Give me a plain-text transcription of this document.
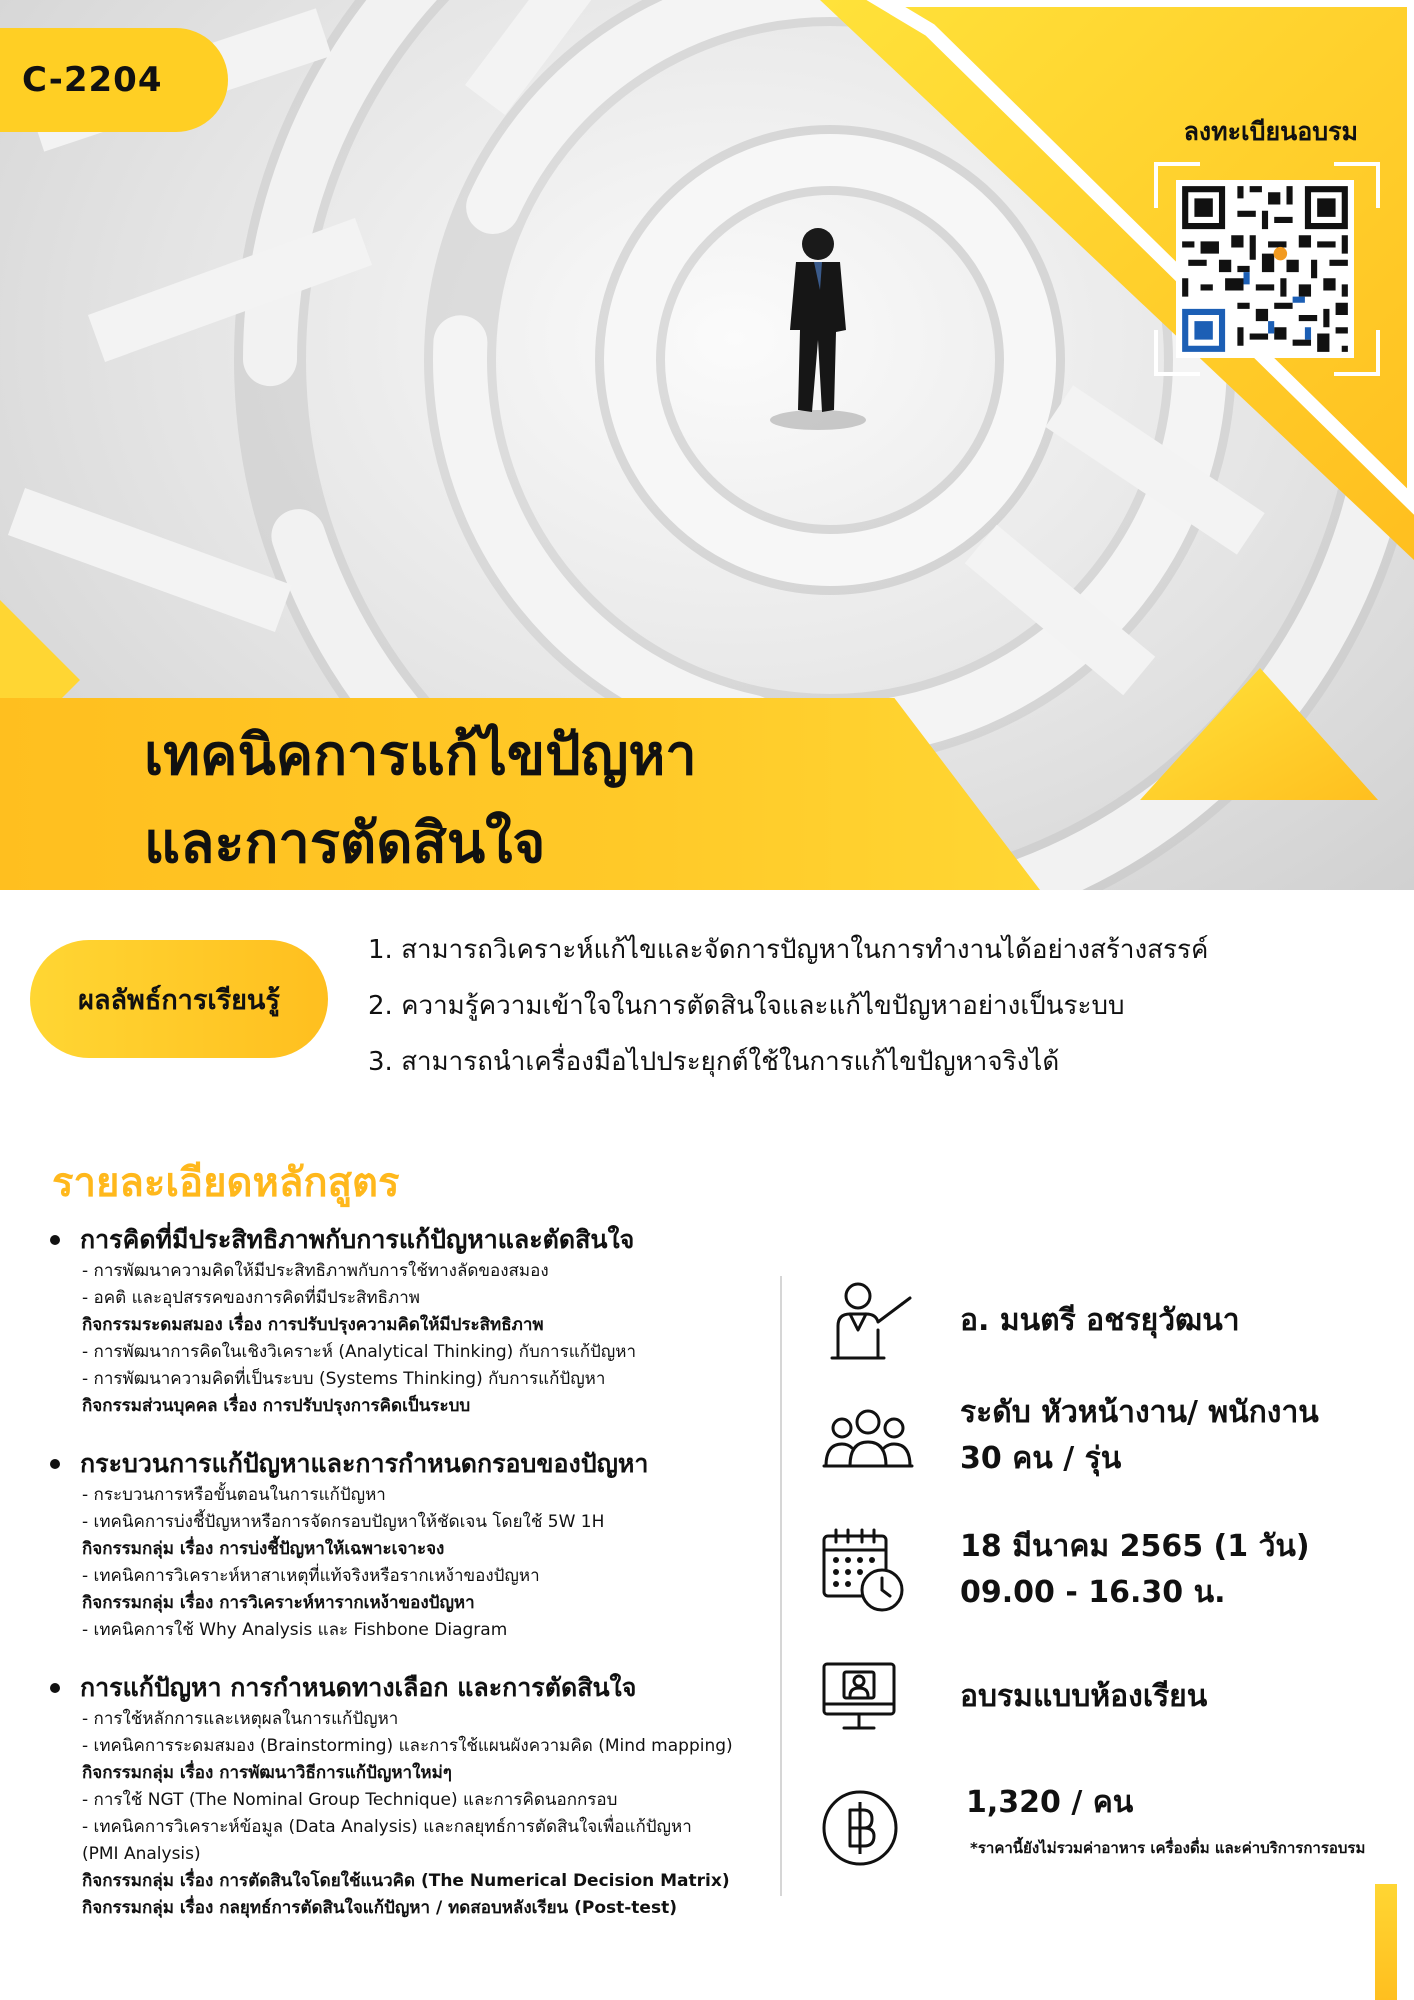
C-2204
ลงทะเบียนอบรม
เทคนิคการแก้ไขปัญหา
และการตัดสินใจ
ผลลัพธ์การเรียนรู้
1. สามารถวิเคราะห์แก้ไขและจัดการปัญหาในการทำงานได้อย่างสร้างสรรค์
2. ความรู้ความเข้าใจในการตัดสินใจและแก้ไขปัญหาอย่างเป็นระบบ
3. สามารถนำเครื่องมือไปประยุกต์ใช้ในการแก้ไขปัญหาจริงได้
รายละเอียดหลักสูตร
การคิดที่มีประสิทธิภาพกับการแก้ปัญหาและตัดสินใจ
- การพัฒนาความคิดให้มีประสิทธิภาพกับการใช้ทางลัดของสมอง
- อคติ และอุปสรรคของการคิดที่มีประสิทธิภาพ
กิจกรรมระดมสมอง เรื่อง การปรับปรุงความคิดให้มีประสิทธิภาพ
- การพัฒนาการคิดในเชิงวิเคราะห์ (Analytical Thinking) กับการแก้ปัญหา
- การพัฒนาความคิดที่เป็นระบบ (Systems Thinking) กับการแก้ปัญหา
กิจกรรมส่วนบุคคล เรื่อง การปรับปรุงการคิดเป็นระบบ
กระบวนการแก้ปัญหาและการกำหนดกรอบของปัญหา
- กระบวนการหรือขั้นตอนในการแก้ปัญหา
- เทคนิคการบ่งชี้ปัญหาหรือการจัดกรอบปัญหาให้ชัดเจน โดยใช้ 5W 1H
กิจกรรมกลุ่ม เรื่อง การบ่งชี้ปัญหาให้เฉพาะเจาะจง
- เทคนิคการวิเคราะห์หาสาเหตุที่แท้จริงหรือรากเหง้าของปัญหา
กิจกรรมกลุ่ม เรื่อง การวิเคราะห์หารากเหง้าของปัญหา
- เทคนิคการใช้ Why Analysis และ Fishbone Diagram
การแก้ปัญหา การกำหนดทางเลือก และการตัดสินใจ
- การใช้หลักการและเหตุผลในการแก้ปัญหา
- เทคนิคการระดมสมอง (Brainstorming) และการใช้แผนผังความคิด (Mind mapping)
กิจกรรมกลุ่ม เรื่อง การพัฒนาวิธีการแก้ปัญหาใหม่ๆ
- การใช้ NGT (The Nominal Group Technique) และการคิดนอกกรอบ
- เทคนิคการวิเคราะห์ข้อมูล (Data Analysis) และกลยุทธ์การตัดสินใจเพื่อแก้ปัญหา
(PMI Analysis)
กิจกรรมกลุ่ม เรื่อง การตัดสินใจโดยใช้แนวคิด (The Numerical Decision Matrix)
กิจกรรมกลุ่ม เรื่อง กลยุทธ์การตัดสินใจแก้ปัญหา / ทดสอบหลังเรียน (Post-test)
อ. มนตรี อชรยุวัฒนา
ระดับ หัวหน้างาน/ พนักงาน
30 คน / รุ่น
18 มีนาคม 2565 (1 วัน)
09.00 - 16.30 น.
อบรมแบบห้องเรียน
1,320 / คน
*ราคานี้ยังไม่รวมค่าอาหาร เครื่องดื่ม และค่าบริการการอบรม
